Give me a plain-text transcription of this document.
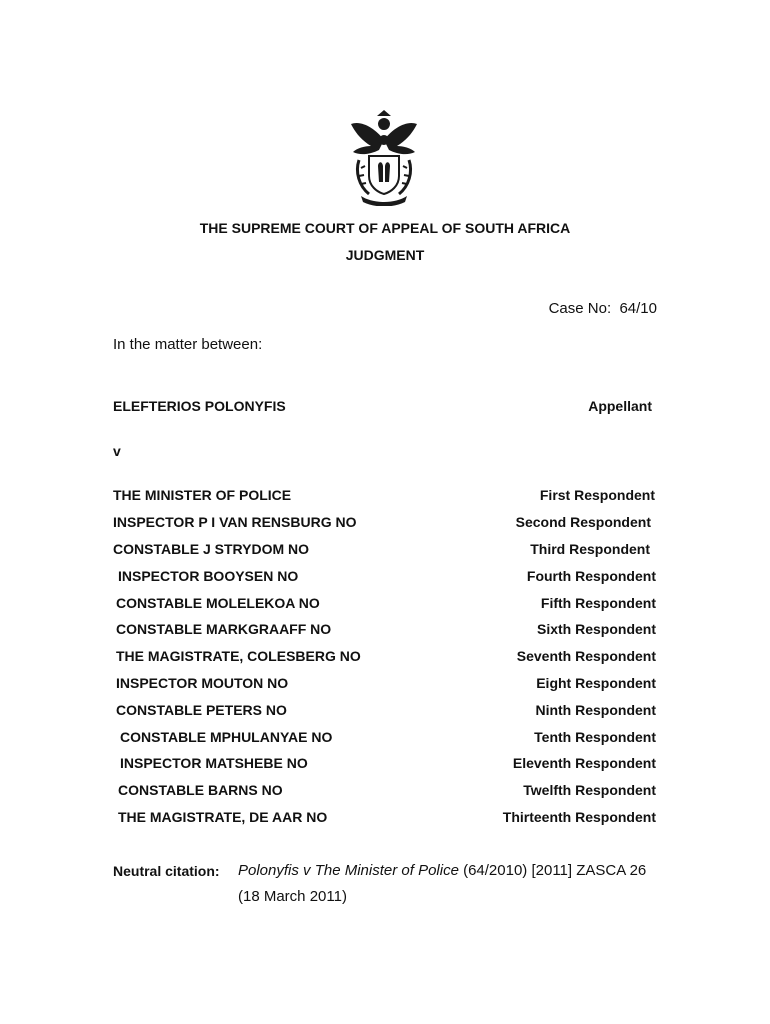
THE SUPREME COURT OF APPEAL OF SOUTH AFRICA
JUDGMENT
Case No: 64/10
In the matter between:
ELEFTERIOS POLONYFIS	Appellant
v
THE MINISTER OF POLICE	First Respondent
INSPECTOR P I VAN RENSBURG NO	Second Respondent
CONSTABLE J STRYDOM NO	Third Respondent
INSPECTOR BOOYSEN NO	Fourth Respondent
CONSTABLE MOLELEKOA NO	Fifth Respondent
CONSTABLE MARKGRAAFF NO	Sixth Respondent
THE MAGISTRATE, COLESBERG NO	Seventh Respondent
INSPECTOR MOUTON NO	Eight Respondent
CONSTABLE PETERS NO	Ninth Respondent
CONSTABLE MPHULANYAE NO	Tenth Respondent
INSPECTOR MATSHEBE NO	Eleventh Respondent
CONSTABLE BARNS NO	Twelfth Respondent
THE MAGISTRATE, DE AAR NO	Thirteenth Respondent
Neutral citation: Polonyfis v The Minister of Police (64/2010) [2011] ZASCA 26
(18 March 2011)
